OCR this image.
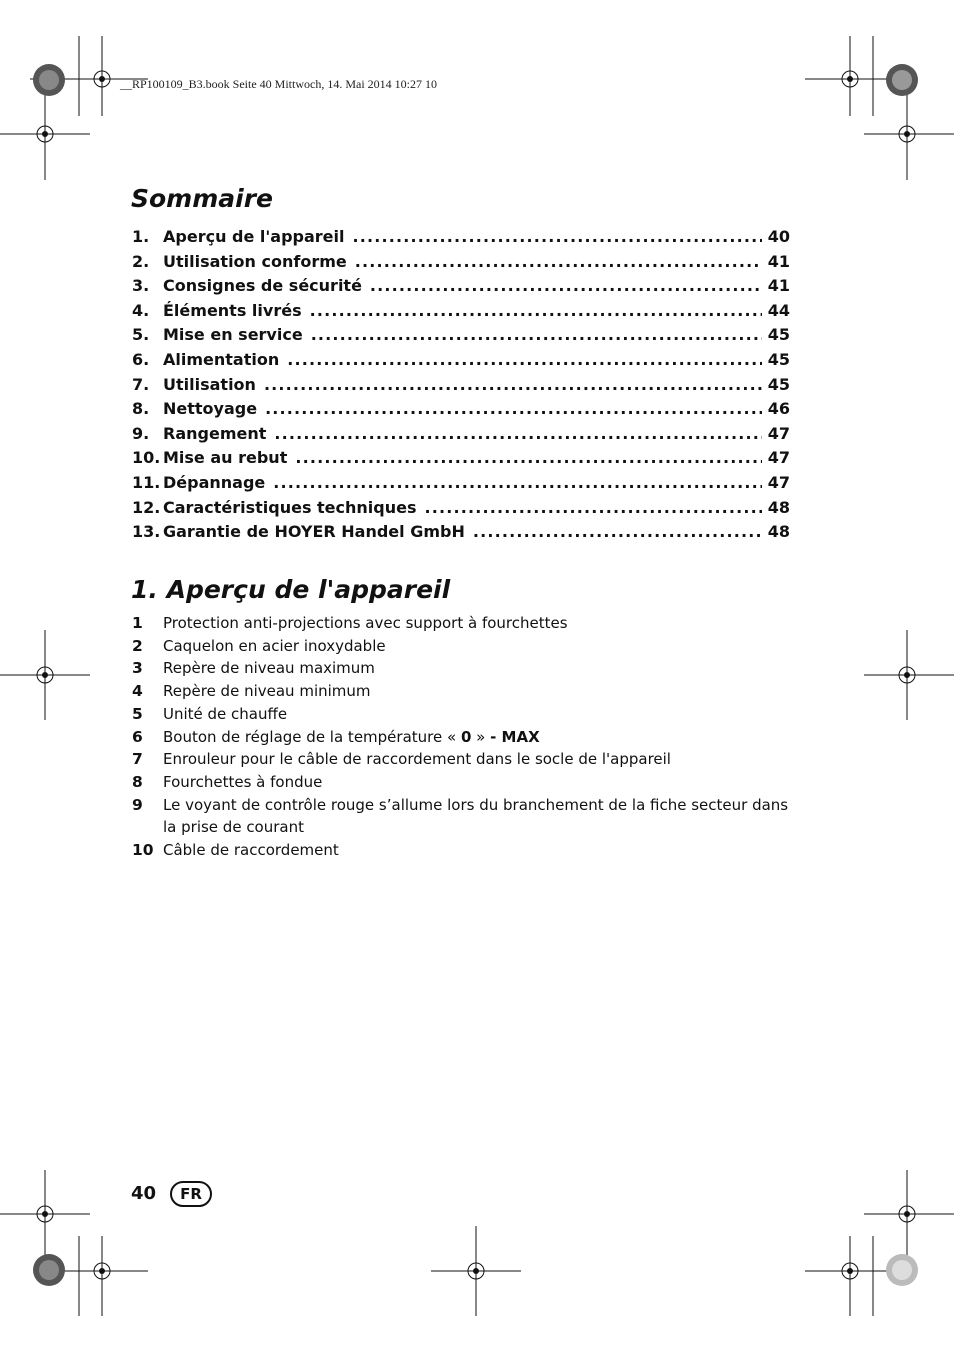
__RP100109_B3.book Seite 40 Mittwoch, 14. Mai 2014 10:27 10
Sommaire
1. Aperçu de l'appareil . . .	40
2. Utilisation conforme . . .	41
3. Consignes de sécurité . . .	41
4. Éléments livrés . . .	44
5. Mise en service . . .	45
6. Alimentation . . .	45
7. Utilisation . . .	45
8. Nettoyage . . .	46
9. Rangement . . .	47
10. Mise au rebut . . .	47
11. Dépannage . . .	47
12. Caractéristiques techniques . . .	48
13. Garantie de HOYER Handel GmbH . . .	48
1. Aperçu de l'appareil
1	Protection anti-projections avec support à fourchettes
2	Caquelon en acier inoxydable
3	Repère de niveau maximum
4	Repère de niveau minimum
5	Unité de chauffe
6	Bouton de réglage de la température « 0 » - MAX
7	Enrouleur pour le câble de raccordement dans le socle de l'appareil
8	Fourchettes à fondue
9	Le voyant de contrôle rouge s’allume lors du branchement de la fiche secteur dans la prise de courant
10 Câble de raccordement
40	FR
